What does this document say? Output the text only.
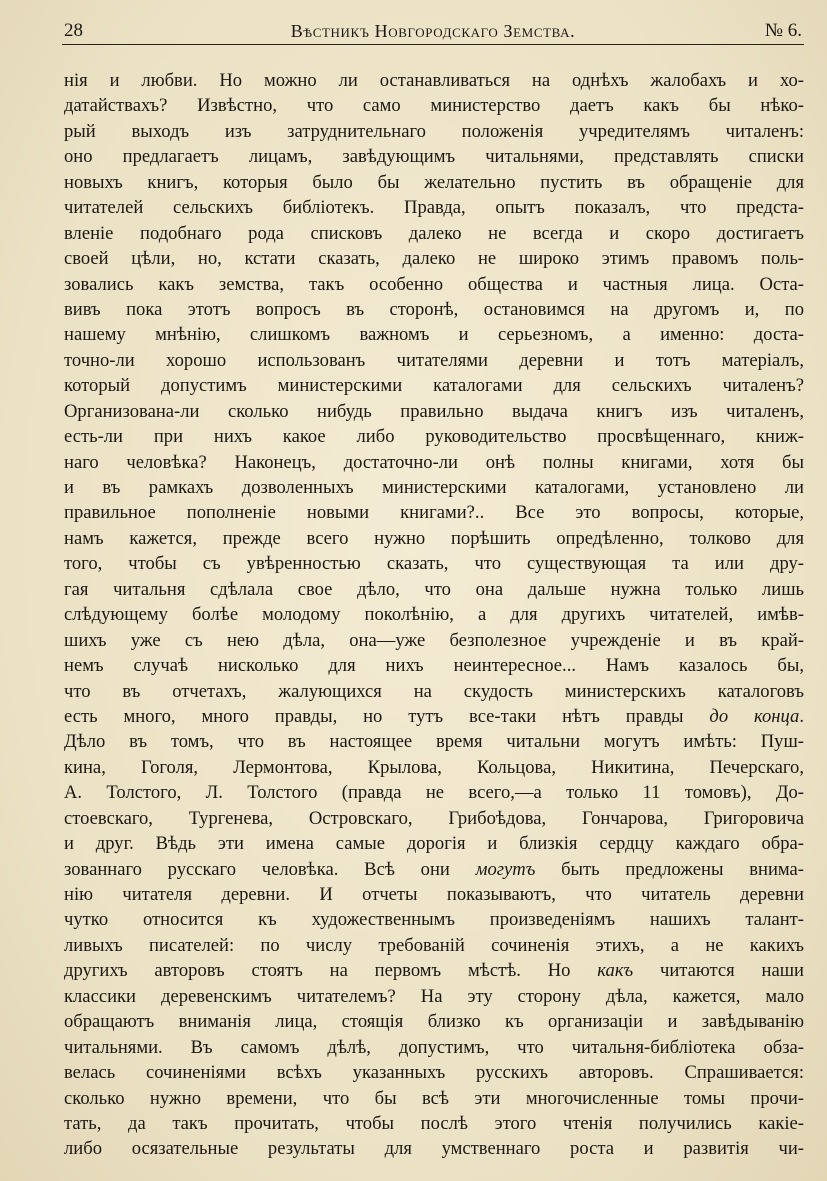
28	Вѣстникъ Новгородскаго Земства.	№ 6.
нія и любви. Но можно ли останавливаться на однѣхъ жалобахъ и хо-
датайствахъ? Извѣстно, что само министерство даетъ какъ бы нѣко-
рый выходъ изъ затруднительнаго положенія учредителямъ читаленъ:
оно предлагаетъ лицамъ, завѣдующимъ читальнями, представлять списки
новыхъ книгъ, которыя было бы желательно пустить въ обращеніе для
читателей сельскихъ библіотекъ. Правда, опытъ показалъ, что предста-
вленіе подобнаго рода списковъ далеко не всегда и скоро достигаетъ
своей цѣли, но, кстати сказать, далеко не широко этимъ правомъ поль-
зовались какъ земства, такъ особенно общества и частныя лица. Оста-
вивъ пока этотъ вопросъ въ сторонѣ, остановимся на другомъ и, по
нашему мнѣнію, слишкомъ важномъ и серьезномъ, а именно: доста-
точно-ли хорошо использованъ читателями деревни и тотъ матеріалъ,
который допустимъ министерскими каталогами для сельскихъ читаленъ?
Организована-ли сколько нибудь правильно выдача книгъ изъ читаленъ,
есть-ли при нихъ какое либо руководительство просвѣщеннаго, книж-
наго человѣка? Наконецъ, достаточно-ли онѣ полны книгами, хотя бы
и въ рамкахъ дозволенныхъ министерскими каталогами, установлено ли
правильное пополненіе новыми книгами?.. Все это вопросы, которые,
намъ кажется, прежде всего нужно порѣшить опредѣленно, толково для
того, чтобы съ увѣренностью сказать, что существующая та или дру-
гая читальня сдѣлала свое дѣло, что она дальше нужна только лишь
слѣдующему болѣе молодому поколѣнію, а для другихъ читателей, имѣв-
шихъ уже съ нею дѣла, она—уже безполезное учрежденіе и въ край-
немъ случаѣ нисколько для нихъ неинтересное... Намъ казалось бы,
что въ отчетахъ, жалующихся на скудость министерскихъ каталоговъ
есть много, много правды, но тутъ все-таки нѣтъ правды до конца.
Дѣло въ томъ, что въ настоящее время читальни могутъ имѣть: Пуш-
кина, Гоголя, Лермонтова, Крылова, Кольцова, Никитина, Печерскаго,
А. Толстого, Л. Толстого (правда не всего,—а только 11 томовъ), До-
стоевскаго, Тургенева, Островскаго, Грибоѣдова, Гончарова, Григоровича
и друг. Вѣдь эти имена самые дорогія и близкія сердцу каждаго обра-
зованнаго русскаго человѣка. Всѣ они могутъ быть предложены внима-
нію читателя деревни. И отчеты показываютъ, что читатель деревни
чутко относится къ художественнымъ произведеніямъ нашихъ талант-
ливыхъ писателей: по числу требованій сочиненія этихъ, а не какихъ
другихъ авторовъ стоятъ на первомъ мѣстѣ. Но какъ читаются наши
классики деревенскимъ читателемъ? На эту сторону дѣла, кажется, мало
обращаютъ вниманія лица, стоящія близко къ организаціи и завѣдыванію
читальнями. Въ самомъ дѣлѣ, допустимъ, что читальня-библіотека обза-
велась сочиненіями всѣхъ указанныхъ русскихъ авторовъ. Спрашивается:
сколько нужно времени, что бы всѣ эти многочисленные томы прочи-
тать, да такъ прочитать, чтобы послѣ этого чтенія получились какіе-
либо осязательные результаты для умственнаго роста и развитія чи-
